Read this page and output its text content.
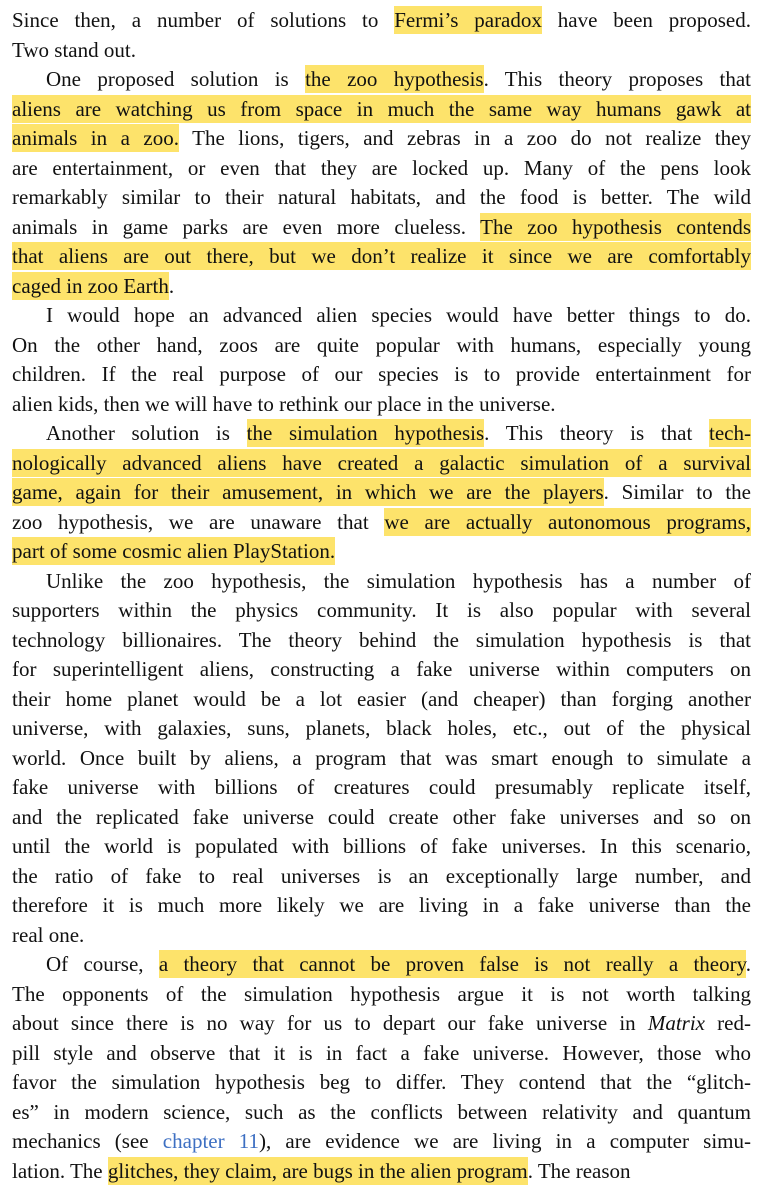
Since then, a number of solutions to Fermi’s paradox have been proposed.
Two stand out.
One proposed solution is the zoo hypothesis. This theory proposes that
aliens are watching us from space in much the same way humans gawk at
animals in a zoo. The lions, tigers, and zebras in a zoo do not realize they
are entertainment, or even that they are locked up. Many of the pens look
remarkably similar to their natural habitats, and the food is better. The wild
animals in game parks are even more clueless. The zoo hypothesis contends
that aliens are out there, but we don’t realize it since we are comfortably
caged in zoo Earth.
I would hope an advanced alien species would have better things to do.
On the other hand, zoos are quite popular with humans, especially young
children. If the real purpose of our species is to provide entertainment for
alien kids, then we will have to rethink our place in the universe.
Another solution is the simulation hypothesis. This theory is that tech-
nologically advanced aliens have created a galactic simulation of a survival
game, again for their amusement, in which we are the players. Similar to the
zoo hypothesis, we are unaware that we are actually autonomous programs,
part of some cosmic alien PlayStation.
Unlike the zoo hypothesis, the simulation hypothesis has a number of
supporters within the physics community. It is also popular with several
technology billionaires. The theory behind the simulation hypothesis is that
for superintelligent aliens, constructing a fake universe within computers on
their home planet would be a lot easier (and cheaper) than forging another
universe, with galaxies, suns, planets, black holes, etc., out of the physical
world. Once built by aliens, a program that was smart enough to simulate a
fake universe with billions of creatures could presumably replicate itself,
and the replicated fake universe could create other fake universes and so on
until the world is populated with billions of fake universes. In this scenario,
the ratio of fake to real universes is an exceptionally large number, and
therefore it is much more likely we are living in a fake universe than the
real one.
Of course, a theory that cannot be proven false is not really a theory.
The opponents of the simulation hypothesis argue it is not worth talking
about since there is no way for us to depart our fake universe in Matrix red-
pill style and observe that it is in fact a fake universe. However, those who
favor the simulation hypothesis beg to differ. They contend that the “glitch-
es” in modern science, such as the conflicts between relativity and quantum
mechanics (see chapter 11), are evidence we are living in a computer simu-
lation. The glitches, they claim, are bugs in the alien program. The reason
